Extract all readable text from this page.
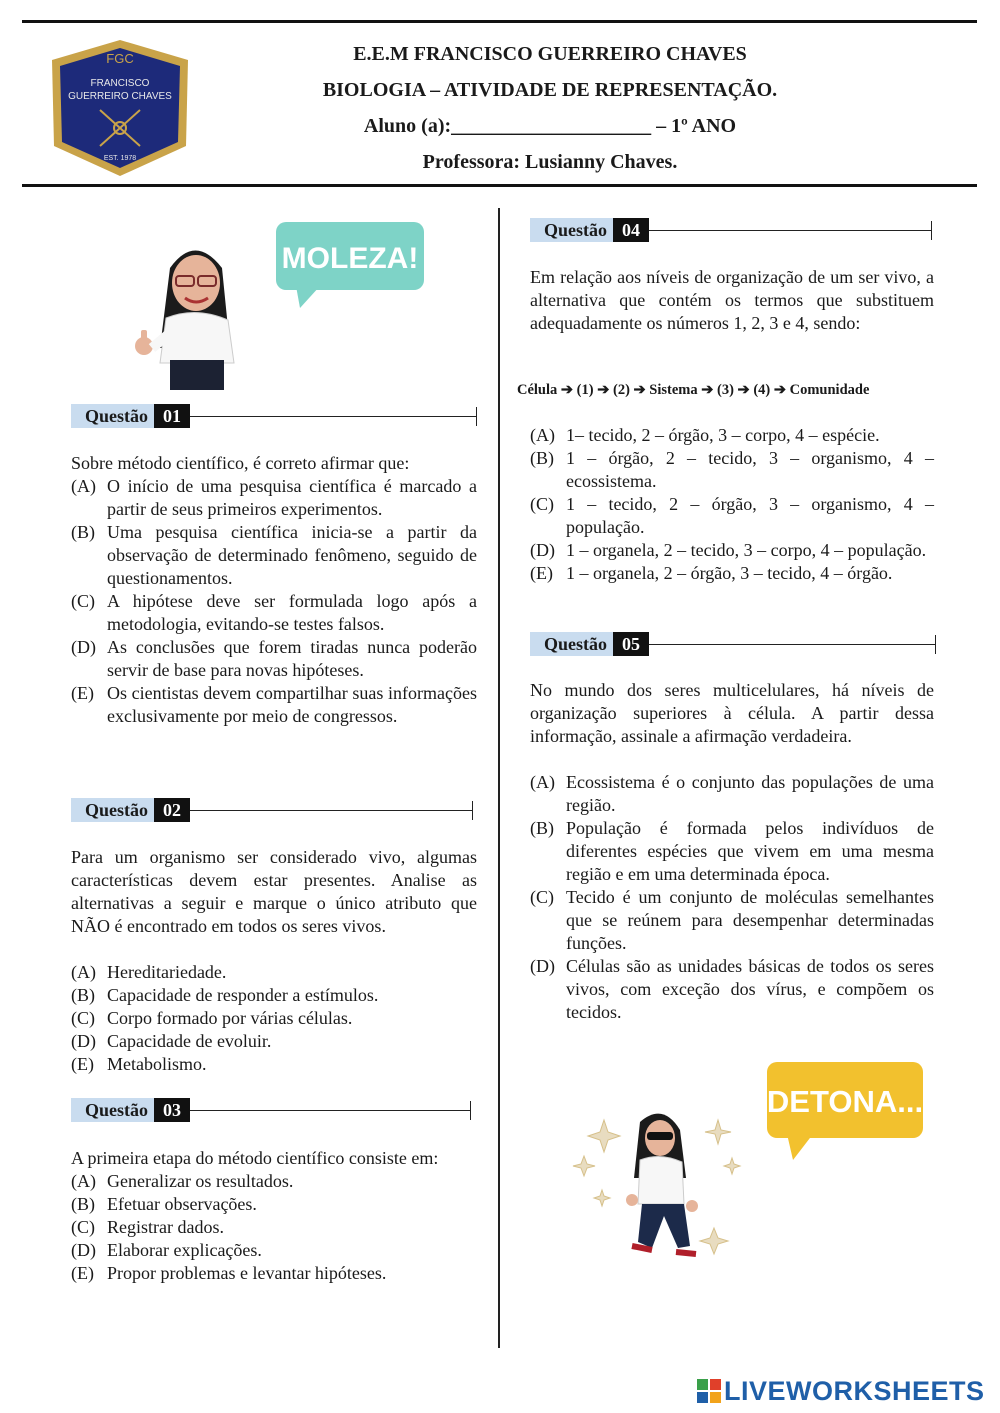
FGC
FRANCISCO
GUERREIRO CHAVES
EST. 1978
E.E.M FRANCISCO GUERREIRO CHAVES
BIOLOGIA – ATIVIDADE DE REPRESENTAÇÃO.
Aluno (a):____________________ – 1º ANO
Professora: Lusianny Chaves.
MOLEZA!
Questão 01
Sobre método científico, é correto afirmar que:
(A) O início de uma pesquisa científica é marcado a partir de seus primeiros experimentos.
(B) Uma pesquisa científica inicia-se a partir da observação de determinado fenômeno, seguido de questionamentos.
(C) A hipótese deve ser formulada logo após a metodologia, evitando-se testes falsos.
(D) As conclusões que forem tiradas nunca poderão servir de base para novas hipóteses.
(E) Os cientistas devem compartilhar suas informações exclusivamente por meio de congressos.
Questão 02
Para um organismo ser considerado vivo, algumas características devem estar presentes. Analise as alternativas a seguir e marque o único atributo que NÃO é encontrado em todos os seres vivos.
(A) Hereditariedade.
(B) Capacidade de responder a estímulos.
(C) Corpo formado por várias células.
(D) Capacidade de evoluir.
(E) Metabolismo.
Questão 03
A primeira etapa do método científico consiste em:
(A) Generalizar os resultados.
(B) Efetuar observações.
(C) Registrar dados.
(D) Elaborar explicações.
(E) Propor problemas e levantar hipóteses.
Questão 04
Em relação aos níveis de organização de um ser vivo, a alternativa que contém os termos que substituem adequadamente os números 1, 2, 3 e 4, sendo:
Célula ➔ (1) ➔ (2) ➔ Sistema ➔ (3) ➔ (4) ➔ Comunidade
(A) 1– tecido, 2 – órgão, 3 – corpo, 4 – espécie.
(B) 1 – órgão, 2 – tecido, 3 – organismo, 4 – ecossistema.
(C) 1 – tecido, 2 – órgão, 3 – organismo, 4 – população.
(D) 1 – organela, 2 – tecido, 3 – corpo, 4 – população.
(E) 1 – organela, 2 – órgão, 3 – tecido, 4 – órgão.
Questão 05
No mundo dos seres multicelulares, há níveis de organização superiores à célula. A partir dessa informação, assinale a afirmação verdadeira.
(A) Ecossistema é o conjunto das populações de uma região.
(B) População é formada pelos indivíduos de diferentes espécies que vivem em uma mesma região e em uma determinada época.
(C) Tecido é um conjunto de moléculas semelhantes que se reúnem para desempenhar determinadas funções.
(D) Células são as unidades básicas de todos os seres vivos, com exceção dos vírus, e compõem os tecidos.
DETONA...
LIVEWORKSHEETS
